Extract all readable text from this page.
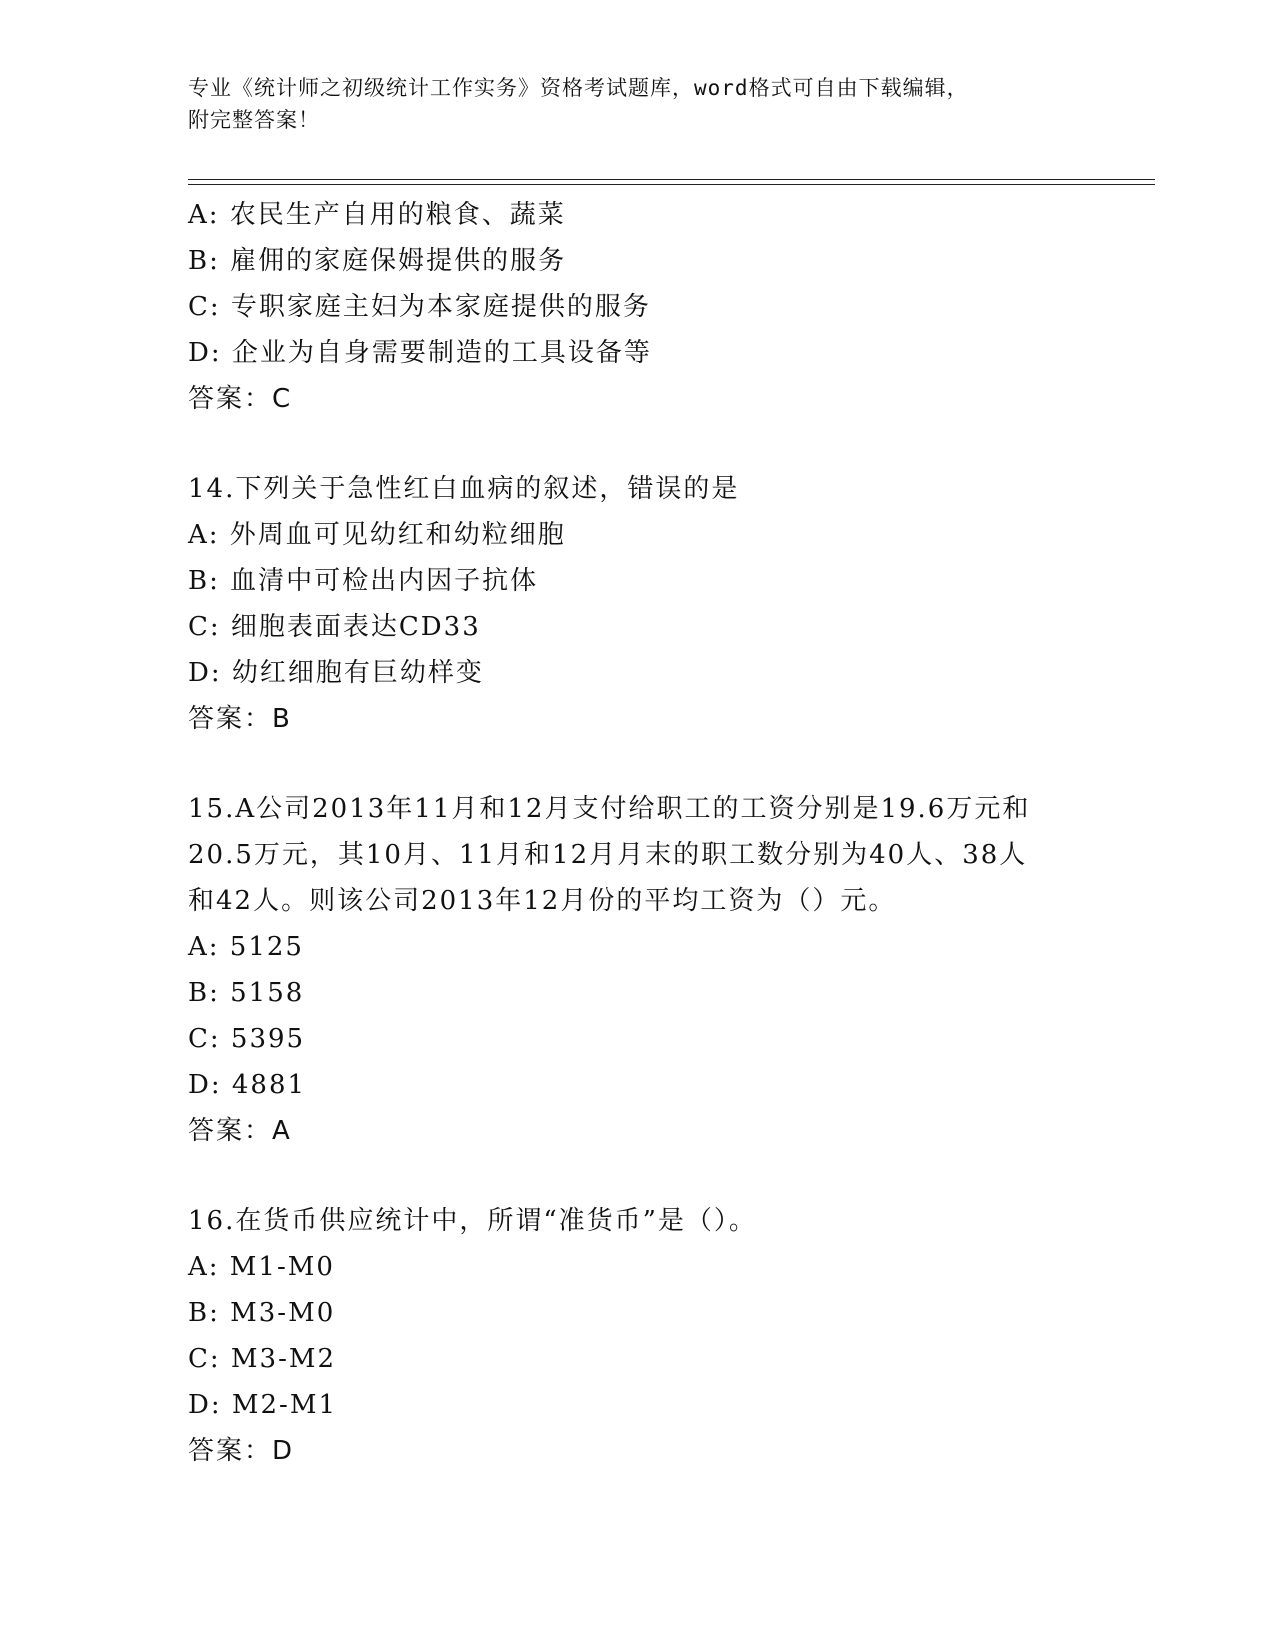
专业《统计师之初级统计工作实务》资格考试题库，word格式可自由下载编辑，
附完整答案！
A: 农民生产自用的粮食、蔬菜
B: 雇佣的家庭保姆提供的服务
C: 专职家庭主妇为本家庭提供的服务
D: 企业为自身需要制造的工具设备等
答案：C
14.下列关于急性红白血病的叙述，错误的是
A: 外周血可见幼红和幼粒细胞
B: 血清中可检出内因子抗体
C: 细胞表面表达CD33
D: 幼红细胞有巨幼样变
答案：B
15.A公司2013年11月和12月支付给职工的工资分别是19.6万元和
20.5万元，其10月、11月和12月月末的职工数分别为40人、38人
和42人。则该公司2013年12月份的平均工资为（）元。
A: 5125
B: 5158
C: 5395
D: 4881
答案：A
16.在货币供应统计中，所谓“准货币”是（）。
A: M1-M0
B: M3-M0
C: M3-M2
D: M2-M1
答案：D
